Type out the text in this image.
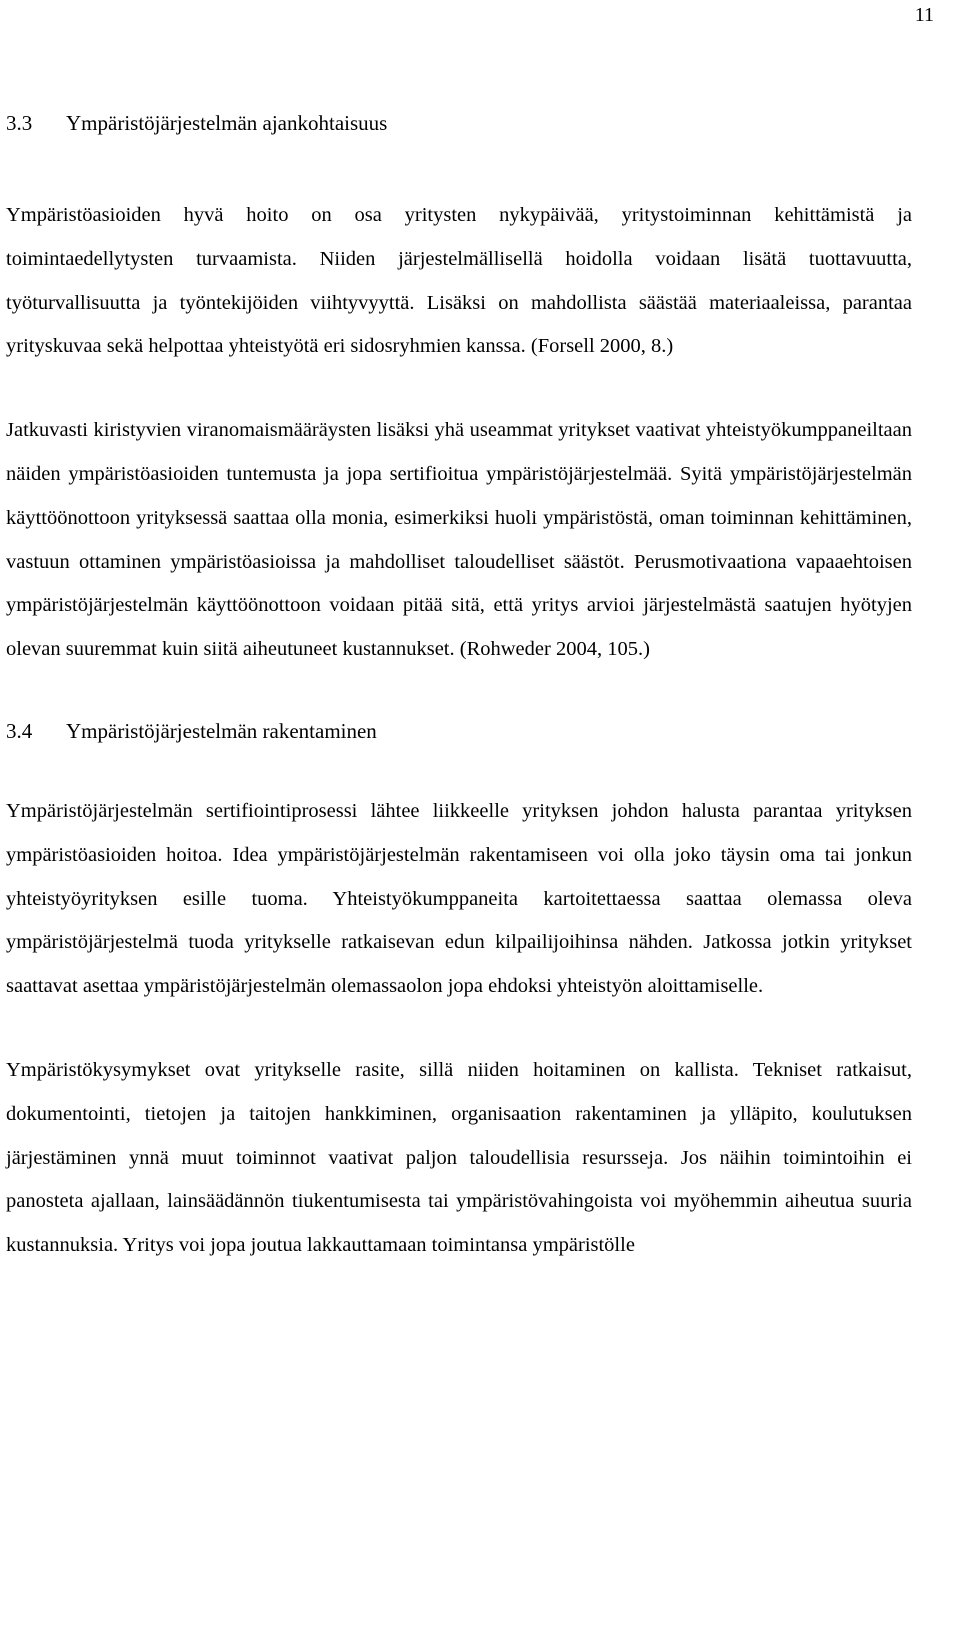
11
3.3	Ympäristöjärjestelmän ajankohtaisuus

Ympäristöasioiden hyvä hoito on osa yritysten nykypäivää, yritystoiminnan kehittämistä ja toimintaedellytysten turvaamista. Niiden järjestelmällisellä hoidolla voidaan lisätä tuottavuutta, työturvallisuutta ja työntekijöiden viihtyvyyttä. Lisäksi on mahdollista säästää materiaaleissa, parantaa yrityskuvaa sekä helpottaa yhteistyötä eri sidosryhmien kanssa. (Forsell 2000, 8.)

Jatkuvasti kiristyvien viranomaismääräysten lisäksi yhä useammat yritykset vaativat yhteistyökumppaneiltaan näiden ympäristöasioiden tuntemusta ja jopa sertifioitua ympäristöjärjestelmää. Syitä ympäristöjärjestelmän käyttöönottoon yrityksessä saattaa olla monia, esimerkiksi huoli ympäristöstä, oman toiminnan kehittäminen, vastuun ottaminen ympäristöasioissa ja mahdolliset taloudelliset säästöt. Perusmotivaationa vapaaehtoisen ympäristöjärjestelmän käyttöönottoon voidaan pitää sitä, että yritys arvioi järjestelmästä saatujen hyötyjen olevan suuremmat kuin siitä aiheutuneet kustannukset. (Rohweder 2004, 105.)

3.4	Ympäristöjärjestelmän rakentaminen

Ympäristöjärjestelmän sertifiointiprosessi lähtee liikkeelle yrityksen johdon halusta parantaa yrityksen ympäristöasioiden hoitoa. Idea ympäristöjärjestelmän rakentamiseen voi olla joko täysin oma tai jonkun yhteistyöyrityksen esille tuoma. Yhteistyökumppaneita kartoitettaessa saattaa olemassa oleva ympäristöjärjestelmä tuoda yritykselle ratkaisevan edun kilpailijoihinsa nähden. Jatkossa jotkin yritykset saattavat asettaa ympäristöjärjestelmän olemassaolon jopa ehdoksi yhteistyön aloittamiselle.

Ympäristökysymykset ovat yritykselle rasite, sillä niiden hoitaminen on kallista. Tekniset ratkaisut, dokumentointi, tietojen ja taitojen hankkiminen, organisaation rakentaminen ja ylläpito, koulutuksen järjestäminen ynnä muut toiminnot vaativat paljon taloudellisia resursseja. Jos näihin toimintoihin ei panosteta ajallaan, lainsäädännön tiukentumisesta tai ympäristövahingoista voi myöhemmin aiheutua suuria kustannuksia. Yritys voi jopa joutua lakkauttamaan toimintansa ympäristölle
